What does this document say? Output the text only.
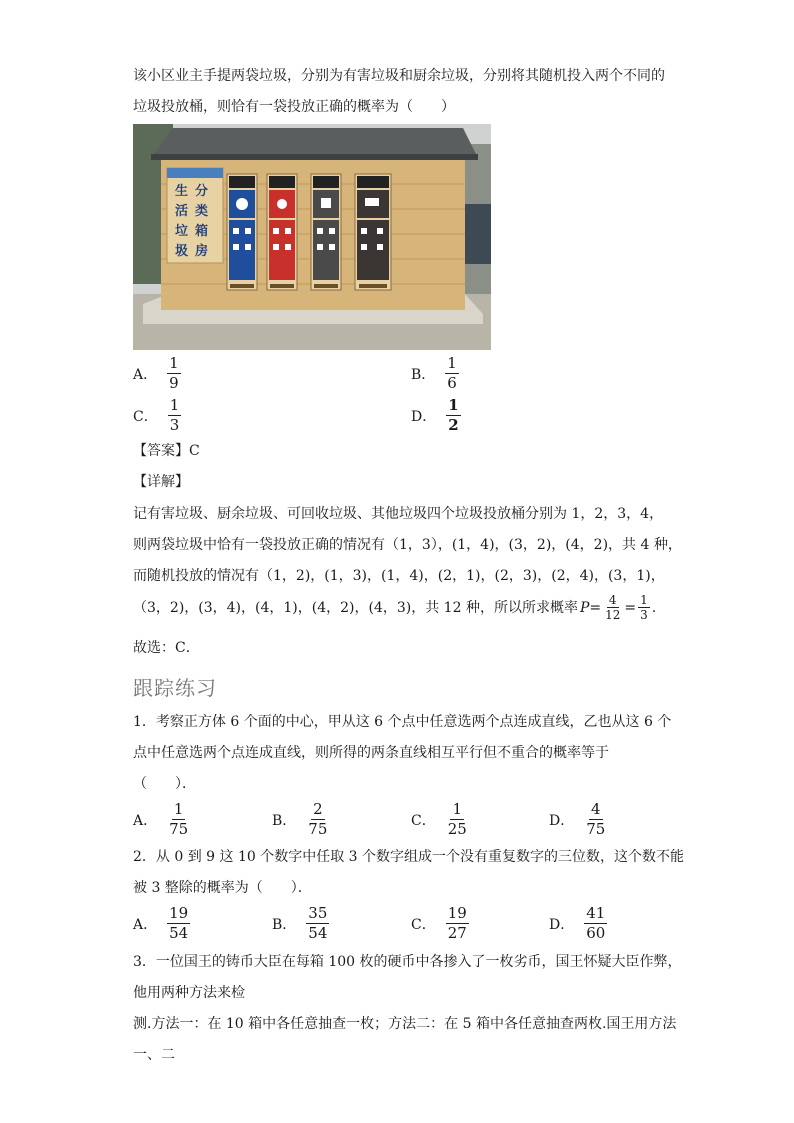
该小区业主手提两袋垃圾，分别为有害垃圾和厨余垃圾，分别将其随机投入两个不同的
垃圾投放桶，则恰有一袋投放正确的概率为（　　）
生 分
活 类
垃 箱
圾 房
A． $\frac{1}{9}$	B． $\frac{1}{6}$
C． $\frac{1}{3}$	D． $\frac{1}{2}$
【答案】C
【详解】
记有害垃圾、厨余垃圾、可回收垃圾、其他垃圾四个垃圾投放桶分别为 1，2，3，4，
则两袋垃圾中恰有一袋投放正确的情况有（1，3），(1，4)，(3，2)，(4，2)，共 4 种，
而随机投放的情况有（1，2)，(1，3)，(1，4)，(2，1)，(2，3)，(2，4)，(3，1)，
（3，2)，(3，4)，(4，1)，(4，2)，(4，3)，共 12 种，所以所求概率 $P = \frac{4}{12} = \frac{1}{3}$ .
故选：C．
跟踪练习
1．考察正方体 6 个面的中心，甲从这 6 个点中任意选两个点连成直线，乙也从这 6 个
点中任意选两个点连成直线，则所得的两条直线相互平行但不重合的概率等于
（　　）．
A． $\frac{1}{75}$	B． $\frac{2}{75}$	C． $\frac{1}{25}$	D． $\frac{4}{75}$
2．从 0 到 9 这 10 个数字中任取 3 个数字组成一个没有重复数字的三位数，这个数不能
被 3 整除的概率为（　　）．
A． $\frac{19}{54}$	B． $\frac{35}{54}$	C． $\frac{19}{27}$	D． $\frac{41}{60}$
3．一位国王的铸币大臣在每箱 100 枚的硬币中各掺入了一枚劣币，国王怀疑大臣作弊，
他用两种方法来检
测.方法一：在 10 箱中各任意抽查一枚；方法二：在 5 箱中各任意抽查两枚.国王用方法
一、二
